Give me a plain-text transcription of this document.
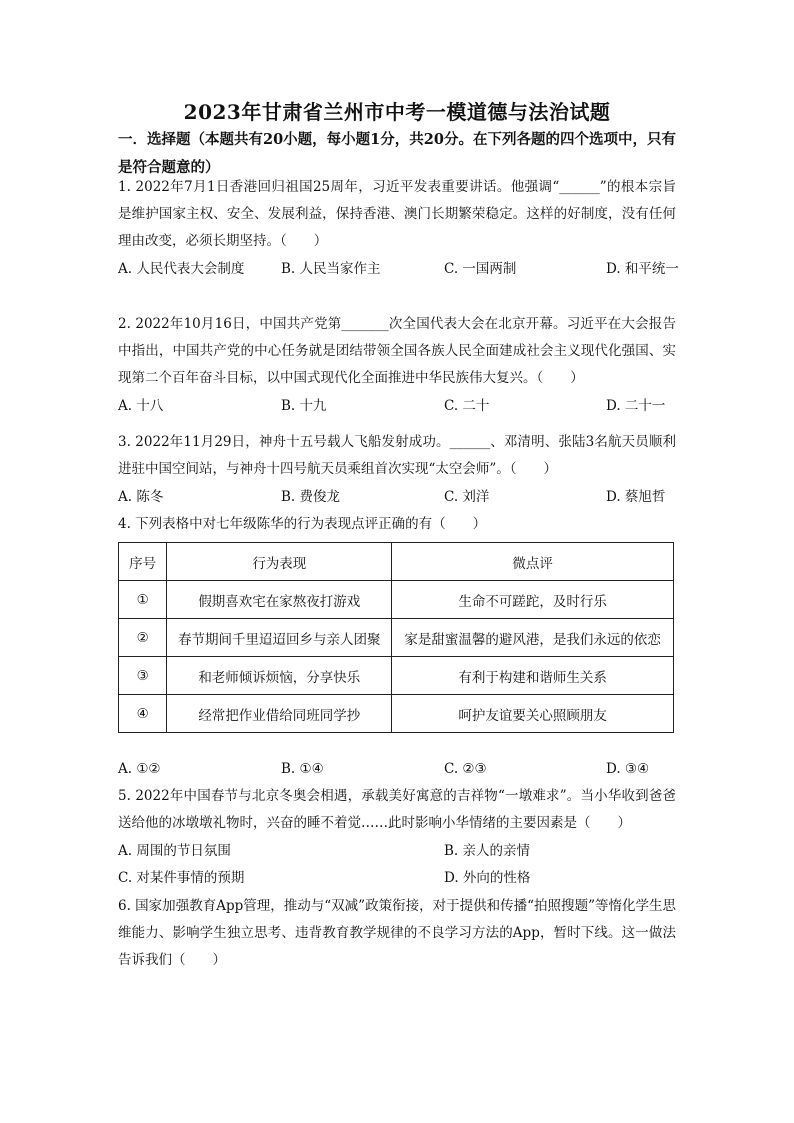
2023年甘肃省兰州市中考一模道德与法治试题
一．选择题（本题共有20小题，每小题1分，共20分。在下列各题的四个选项中，只有是符合题意的）
1. 2022年7月1日香港回归祖国25周年，习近平发表重要讲话。他强调“______”的根本宗旨是维护国家主权、安全、发展利益，保持香港、澳门长期繁荣稳定。这样的好制度，没有任何理由改变，必须长期坚持。（　　）
A. 人民代表大会制度	B. 人民当家作主	C. 一国两制	D. 和平统一
2. 2022年10月16日，中国共产党第_______次全国代表大会在北京开幕。习近平在大会报告中指出，中国共产党的中心任务就是团结带领全国各族人民全面建成社会主义现代化强国、实现第二个百年奋斗目标，以中国式现代化全面推进中华民族伟大复兴。（　　）
A. 十八	B. 十九	C. 二十	D. 二十一
3. 2022年11月29日，神舟十五号载人飞船发射成功。______、邓清明、张陆3名航天员顺利进驻中国空间站，与神舟十四号航天员乘组首次实现“太空会师”。（　　）
A. 陈冬	B. 费俊龙	C. 刘洋	D. 蔡旭哲
4. 下列表格中对七年级陈华的行为表现点评正确的有（　　）
序号	行为表现	微点评
①	假期喜欢宅在家熬夜打游戏	生命不可蹉跎，及时行乐
②	春节期间千里迢迢回乡与亲人团聚	家是甜蜜温馨的避风港，是我们永远的依恋
③	和老师倾诉烦恼，分享快乐	有利于构建和谐师生关系
④	经常把作业借给同班同学抄	呵护友谊要关心照顾朋友
A. ①②	B. ①④	C. ②③	D. ③④
5. 2022年中国春节与北京冬奥会相遇，承载美好寓意的吉祥物“一墩难求”。当小华收到爸爸送给他的冰墩墩礼物时，兴奋的睡不着觉……此时影响小华情绪的主要因素是（　　）
A. 周围的节日氛围	B. 亲人的亲情
C. 对某件事情的预期	D. 外向的性格
6. 国家加强教育App管理，推动与“双减”政策衔接，对于提供和传播“拍照搜题”等惰化学生思维能力、影响学生独立思考、违背教育教学规律的不良学习方法的App，暂时下线。这一做法告诉我们（　　）
